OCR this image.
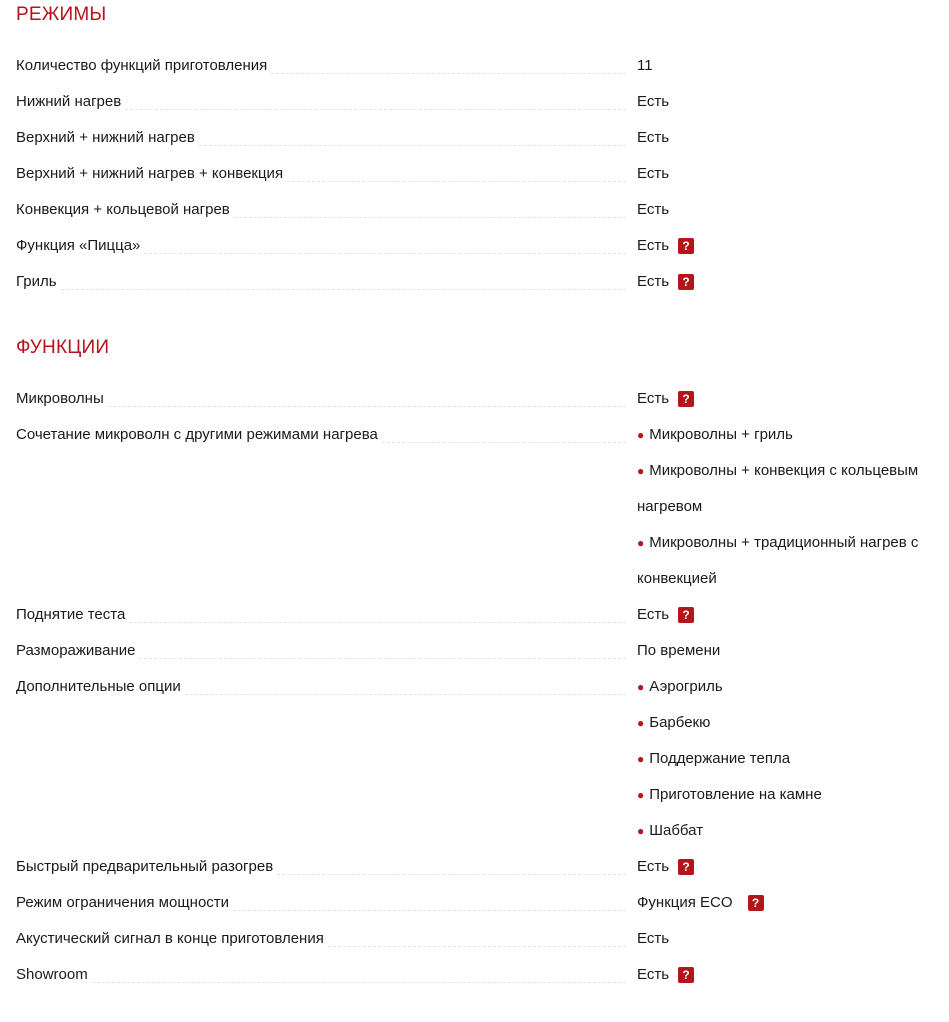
РЕЖИМЫ
Количество функций приготовления	11
Нижний нагрев	Есть
Верхний + нижний нагрев	Есть
Верхний + нижний нагрев + конвекция	Есть
Конвекция + кольцевой нагрев	Есть
Функция «Пицца»	Есть ?
Гриль	Есть ?
ФУНКЦИИ
Микроволны	Есть ?
Сочетание микроволн с другими режимами нагрева	● Микроволны + гриль
● Микроволны + конвекция с кольцевым
нагревом
● Микроволны + традиционный нагрев с
конвекцией
Поднятие теста	Есть ?
Размораживание	По времени
Дополнительные опции	● Аэрогриль
● Барбекю
● Поддержание тепла
● Приготовление на камне
● Шаббат
Быстрый предварительный разогрев	Есть ?
Режим ограничения мощности	Функция ECO ?
Акустический сигнал в конце приготовления	Есть
Showroom	Есть ?
